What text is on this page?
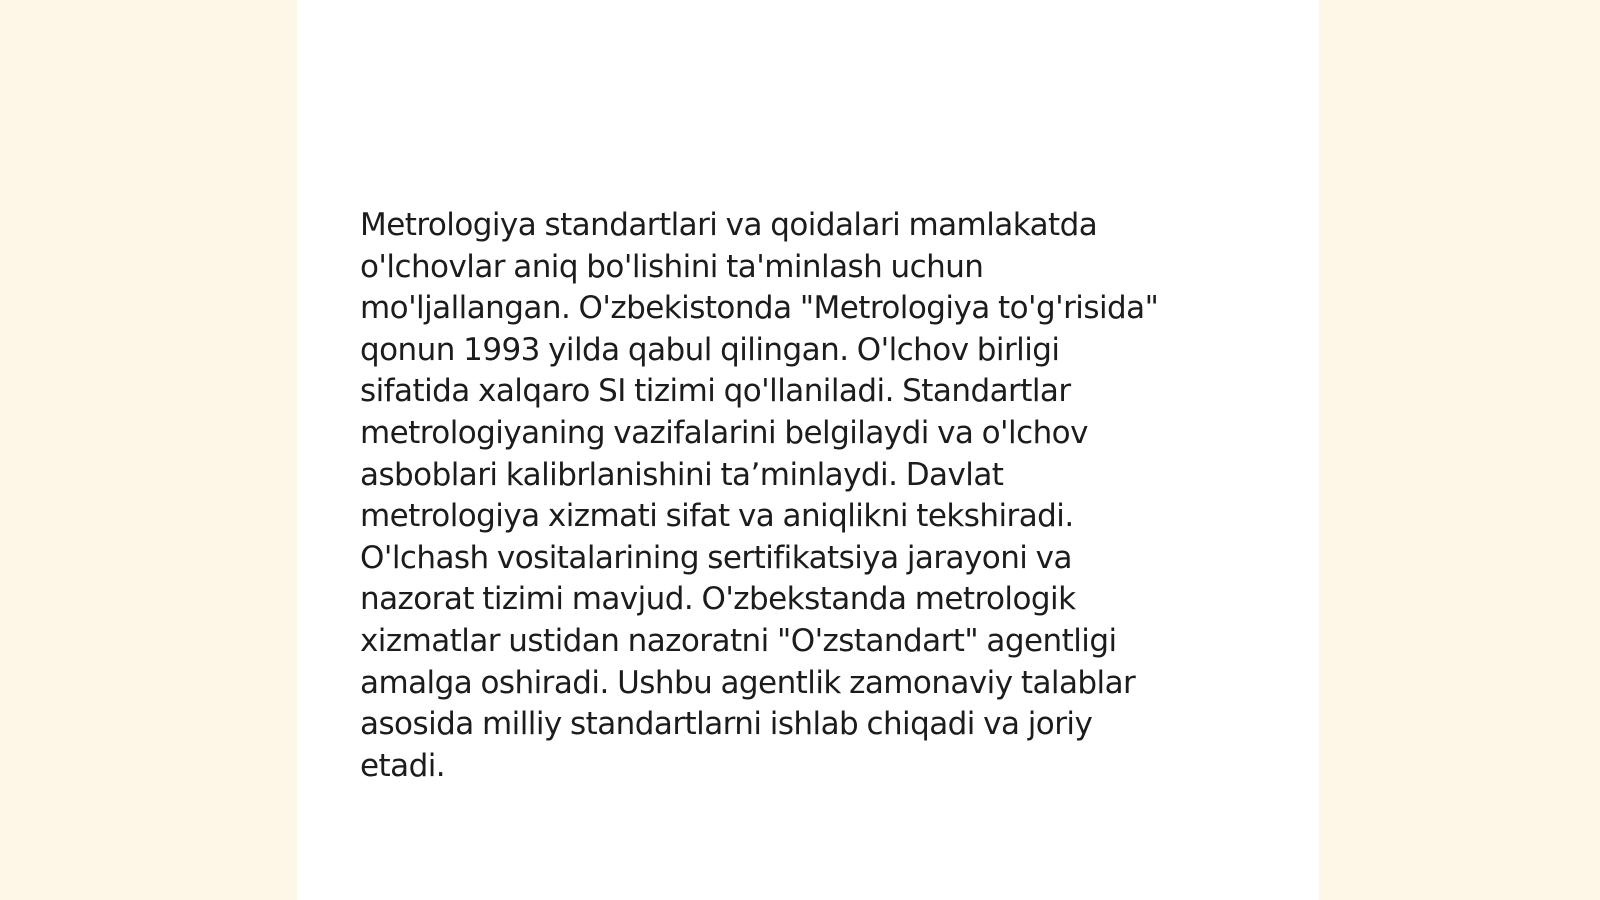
Metrologiya standartlari va qoidalari mamlakatda
o'lchovlar aniq bo'lishini ta'minlash uchun
mo'ljallangan. O'zbekistonda "Metrologiya to'g'risida"
qonun 1993 yilda qabul qilingan. O'lchov birligi
sifatida xalqaro SI tizimi qo'llaniladi. Standartlar
metrologiyaning vazifalarini belgilaydi va o'lchov
asboblari kalibrlanishini ta’minlaydi. Davlat
metrologiya xizmati sifat va aniqlikni tekshiradi.
O'lchash vositalarining sertifikatsiya jarayoni va
nazorat tizimi mavjud. O'zbekstanda metrologik
xizmatlar ustidan nazoratni "O'zstandart" agentligi
amalga oshiradi. Ushbu agentlik zamonaviy talablar
asosida milliy standartlarni ishlab chiqadi va joriy
etadi.
